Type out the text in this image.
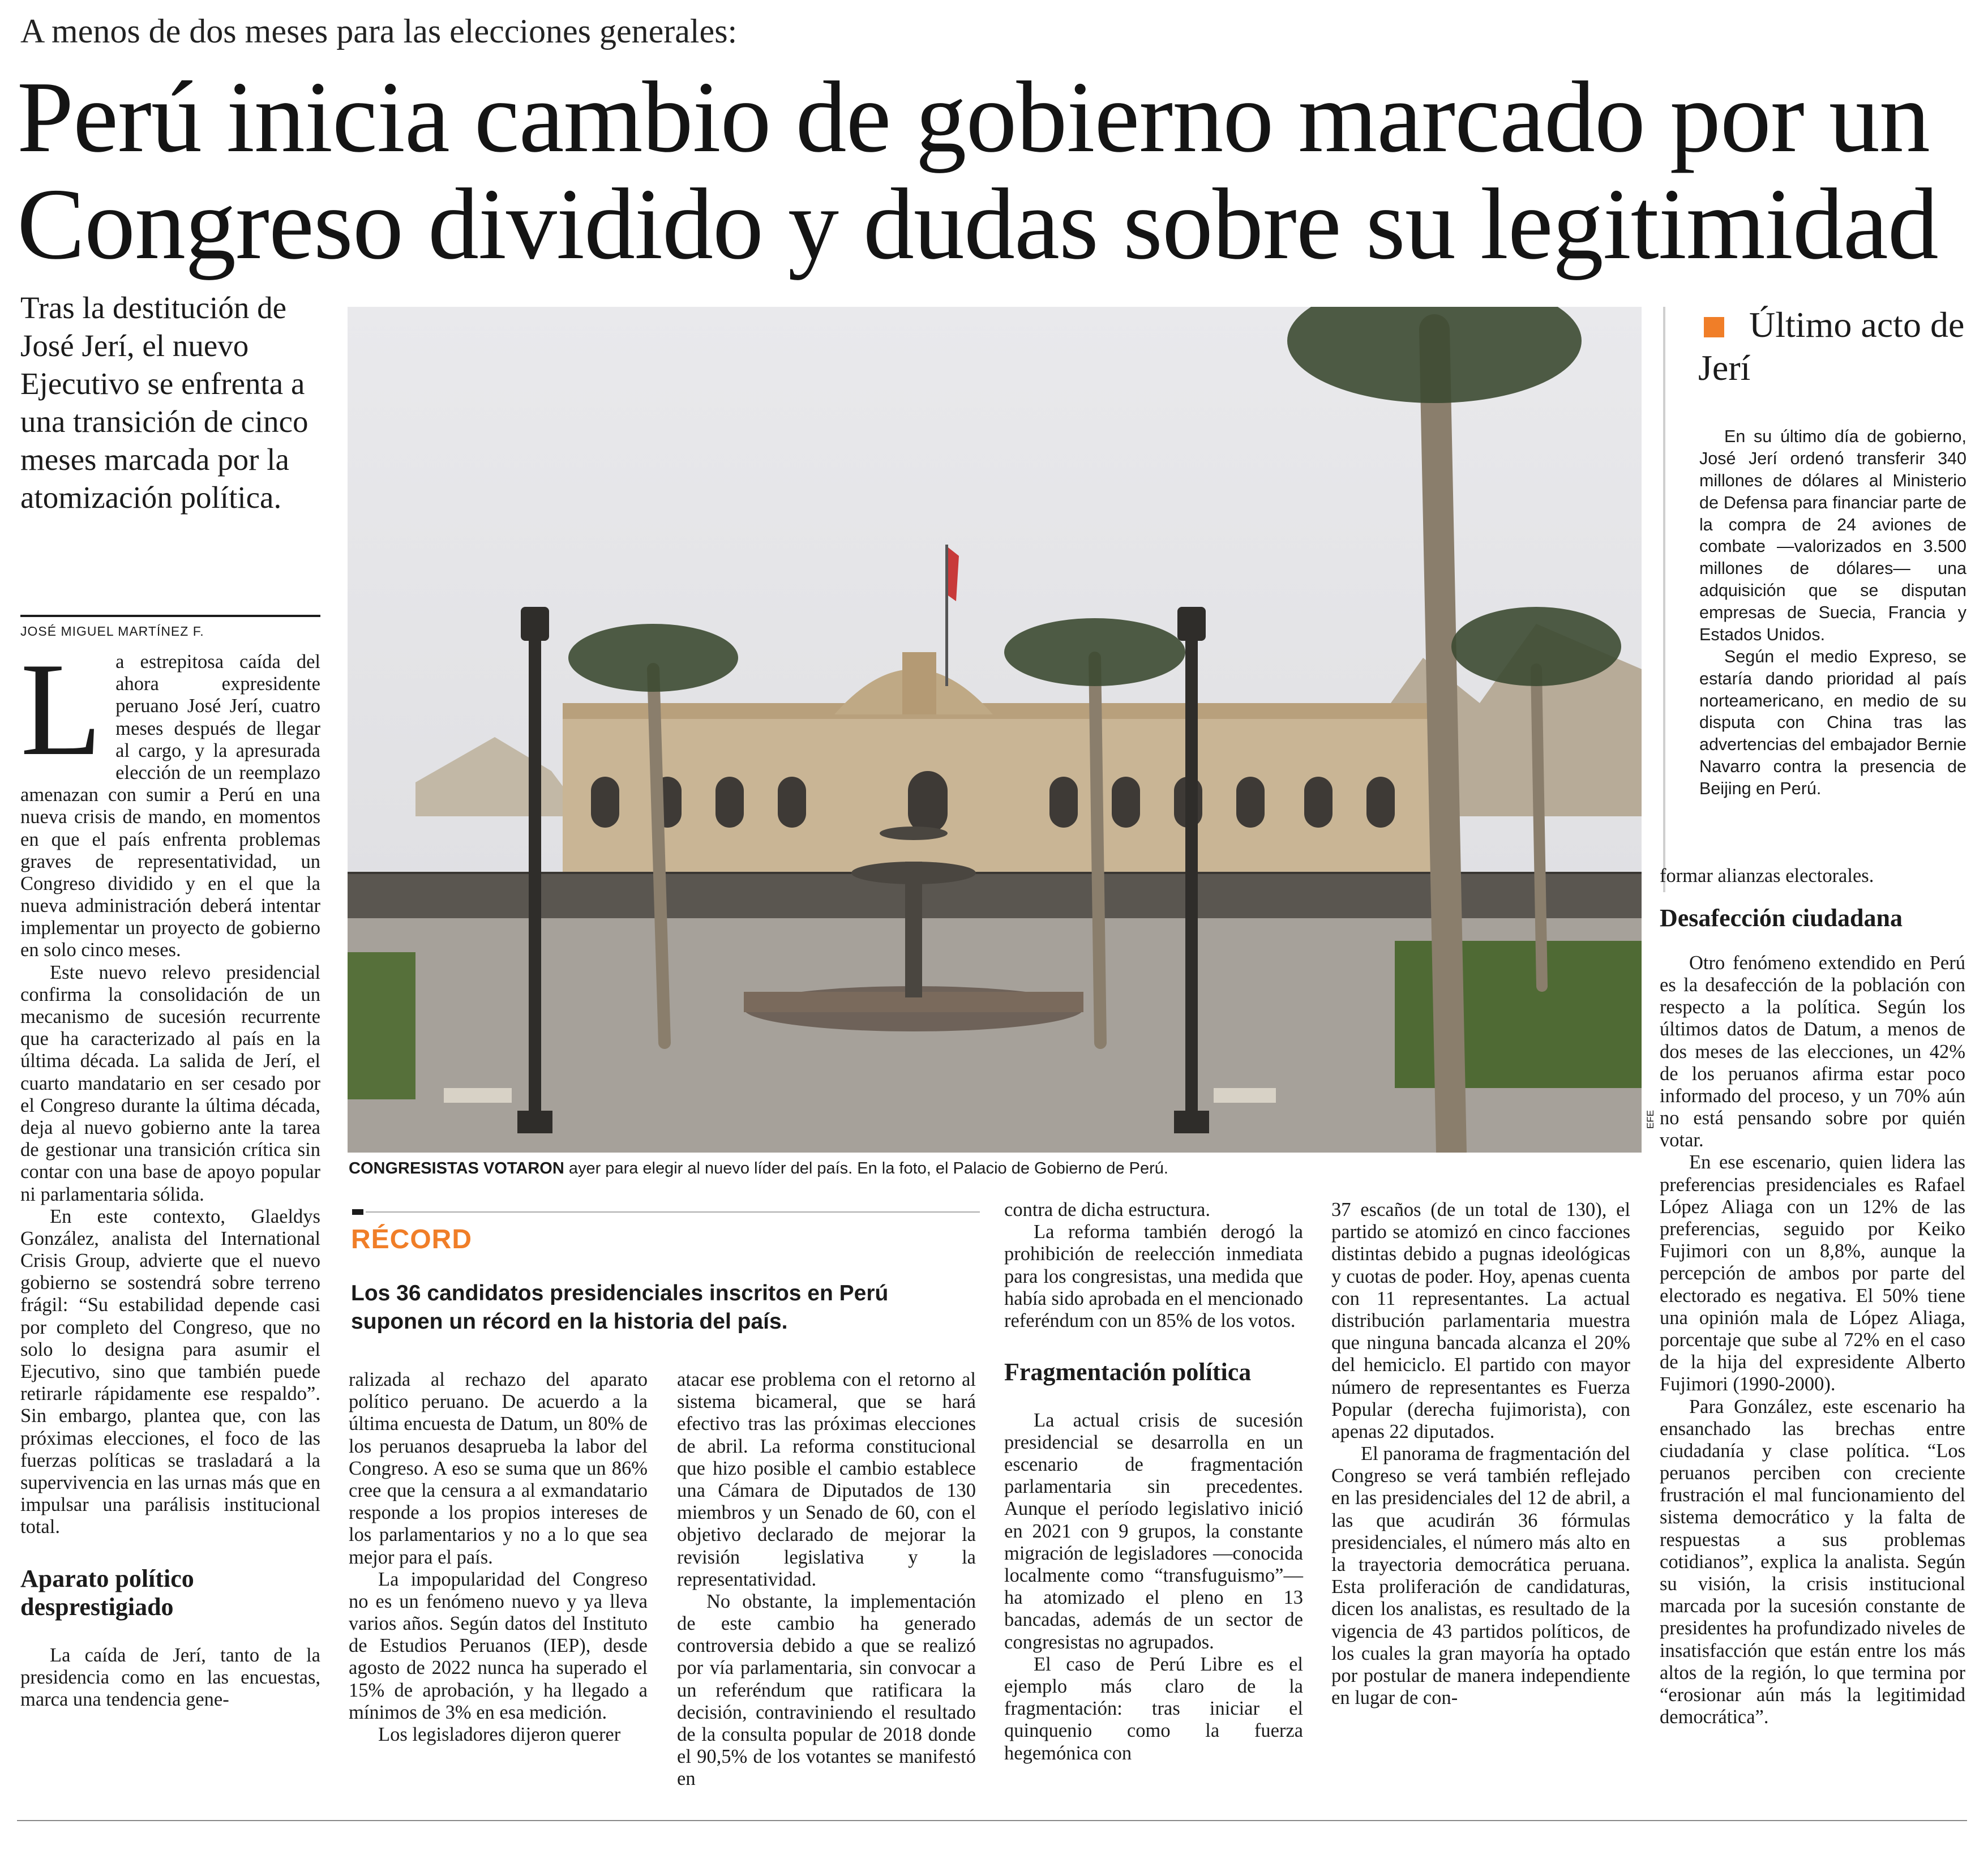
A menos de dos meses para las elecciones generales:
Perú inicia cambio de gobierno marcado por un
Congreso dividido y dudas sobre su legitimidad
Tras la destitución de José Jerí, el nuevo Ejecutivo se enfrenta a una transición de cinco meses marcada por la atomización política.
JOSÉ MIGUEL MARTÍNEZ F.

La estrepitosa caída del ahora expresidente peruano José Jerí, cuatro meses después de llegar al cargo, y la apresurada elección de un reemplazo amenazan con sumir a Perú en una nueva crisis de mando, en momentos en que el país enfrenta problemas graves de representatividad, un Congreso dividido y en el que la nueva administración deberá intentar implementar un proyecto de gobierno en solo cinco meses.

Este nuevo relevo presidencial confirma la consolidación de un mecanismo de sucesión recurrente que ha caracterizado al país en la última década. La salida de Jerí, el cuarto mandatario en ser cesado por el Congreso durante la última década, deja al nuevo gobierno ante la tarea de gestionar una transición crítica sin contar con una base de apoyo popular ni parlamentaria sólida.

En este contexto, Glaeldys González, analista del International Crisis Group, advierte que el nuevo gobierno se sostendrá sobre terreno frágil: “Su estabilidad depende casi por completo del Congreso, que no solo lo designa para asumir el Ejecutivo, sino que también puede retirarle rápidamente ese respaldo”. Sin embargo, plantea que, con las próximas elecciones, el foco de las fuerzas políticas se trasladará a la supervivencia en las urnas más que en impulsar una parálisis institucional total.

Aparato político desprestigiado

La caída de Jerí, tanto de la presidencia como en las encuestas, marca una tendencia gene-

EFE
CONGRESISTAS VOTARON ayer para elegir al nuevo líder del país. En la foto, el Palacio de Gobierno de Perú.
Último acto de Jerí

En su último día de gobierno, José Jerí ordenó transferir 340 millones de dólares al Ministerio de Defensa para financiar parte de la compra de 24 aviones de combate —valorizados en 3.500 millones de dólares— una adquisición que se disputan empresas de Suecia, Francia y Estados Unidos.

Según el medio Expreso, se estaría dando prioridad al país norteamericano, en medio de su disputa con China tras las advertencias del embajador Bernie Navarro contra la presencia de Beijing en Perú.

RÉCORD
Los 36 candidatos presidenciales inscritos en Perú suponen un récord en la historia del país.

ralizada al rechazo del aparato político peruano. De acuerdo a la última encuesta de Datum, un 80% de los peruanos desaprueba la labor del Congreso. A eso se suma que un 86% cree que la censura a al exmandatario responde a los propios intereses de los parlamentarios y no a lo que sea mejor para el país.

La impopularidad del Congreso no es un fenómeno nuevo y ya lleva varios años. Según datos del Instituto de Estudios Peruanos (IEP), desde agosto de 2022 nunca ha superado el 15% de aprobación, y ha llegado a mínimos de 3% en esa medición.

Los legisladores dijeron querer

atacar ese problema con el retorno al sistema bicameral, que se hará efectivo tras las próximas elecciones de abril. La reforma constitucional que hizo posible el cambio establece una Cámara de Diputados de 130 miembros y un Senado de 60, con el objetivo declarado de mejorar la revisión legislativa y la representatividad.

No obstante, la implementación de este cambio ha generado controversia debido a que se realizó por vía parlamentaria, sin convocar a un referéndum que ratificara la decisión, contraviniendo el resultado de la consulta popular de 2018 donde el 90,5% de los votantes se manifestó en

contra de dicha estructura.

La reforma también derogó la prohibición de reelección inmediata para los congresistas, una medida que había sido aprobada en el mencionado referéndum con un 85% de los votos.

Fragmentación política

La actual crisis de sucesión presidencial se desarrolla en un escenario de fragmentación parlamentaria sin precedentes. Aunque el período legislativo inició en 2021 con 9 grupos, la constante migración de legisladores —conocida localmente como “transfuguismo”— ha atomizado el pleno en 13 bancadas, además de un sector de congresistas no agrupados.

El caso de Perú Libre es el ejemplo más claro de la fragmentación: tras iniciar el quinquenio como la fuerza hegemónica con

37 escaños (de un total de 130), el partido se atomizó en cinco facciones distintas debido a pugnas ideológicas y cuotas de poder. Hoy, apenas cuenta con 11 representantes. La actual distribución parlamentaria muestra que ninguna bancada alcanza el 20% del hemiciclo. El partido con mayor número de representantes es Fuerza Popular (derecha fujimorista), con apenas 22 diputados.

El panorama de fragmentación del Congreso se verá también reflejado en las presidenciales del 12 de abril, a las que acudirán 36 fórmulas presidenciales, el número más alto en la trayectoria democrática peruana. Esta proliferación de candidaturas, dicen los analistas, es resultado de la vigencia de 43 partidos políticos, de los cuales la gran mayoría ha optado por postular de manera independiente en lugar de con-

formar alianzas electorales.

Desafección ciudadana

Otro fenómeno extendido en Perú es la desafección de la población con respecto a la política. Según los últimos datos de Datum, a menos de dos meses de las elecciones, un 42% de los peruanos afirma estar poco informado del proceso, y un 70% aún no está pensando sobre por quién votar.

En ese escenario, quien lidera las preferencias presidenciales es Rafael López Aliaga con un 12% de las preferencias, seguido por Keiko Fujimori con un 8,8%, aunque la percepción de ambos por parte del electorado es negativa. El 50% tiene una opinión mala de López Aliaga, porcentaje que sube al 72% en el caso de la hija del expresidente Alberto Fujimori (1990-2000).

Para González, este escenario ha ensanchado las brechas entre ciudadanía y clase política. “Los peruanos perciben con creciente frustración el mal funcionamiento del sistema democrático y la falta de respuestas a sus problemas cotidianos”, explica la analista. Según su visión, la crisis institucional marcada por la sucesión constante de presidentes ha profundizado niveles de insatisfacción que están entre los más altos de la región, lo que termina por “erosionar aún más la legitimidad democrática”.
